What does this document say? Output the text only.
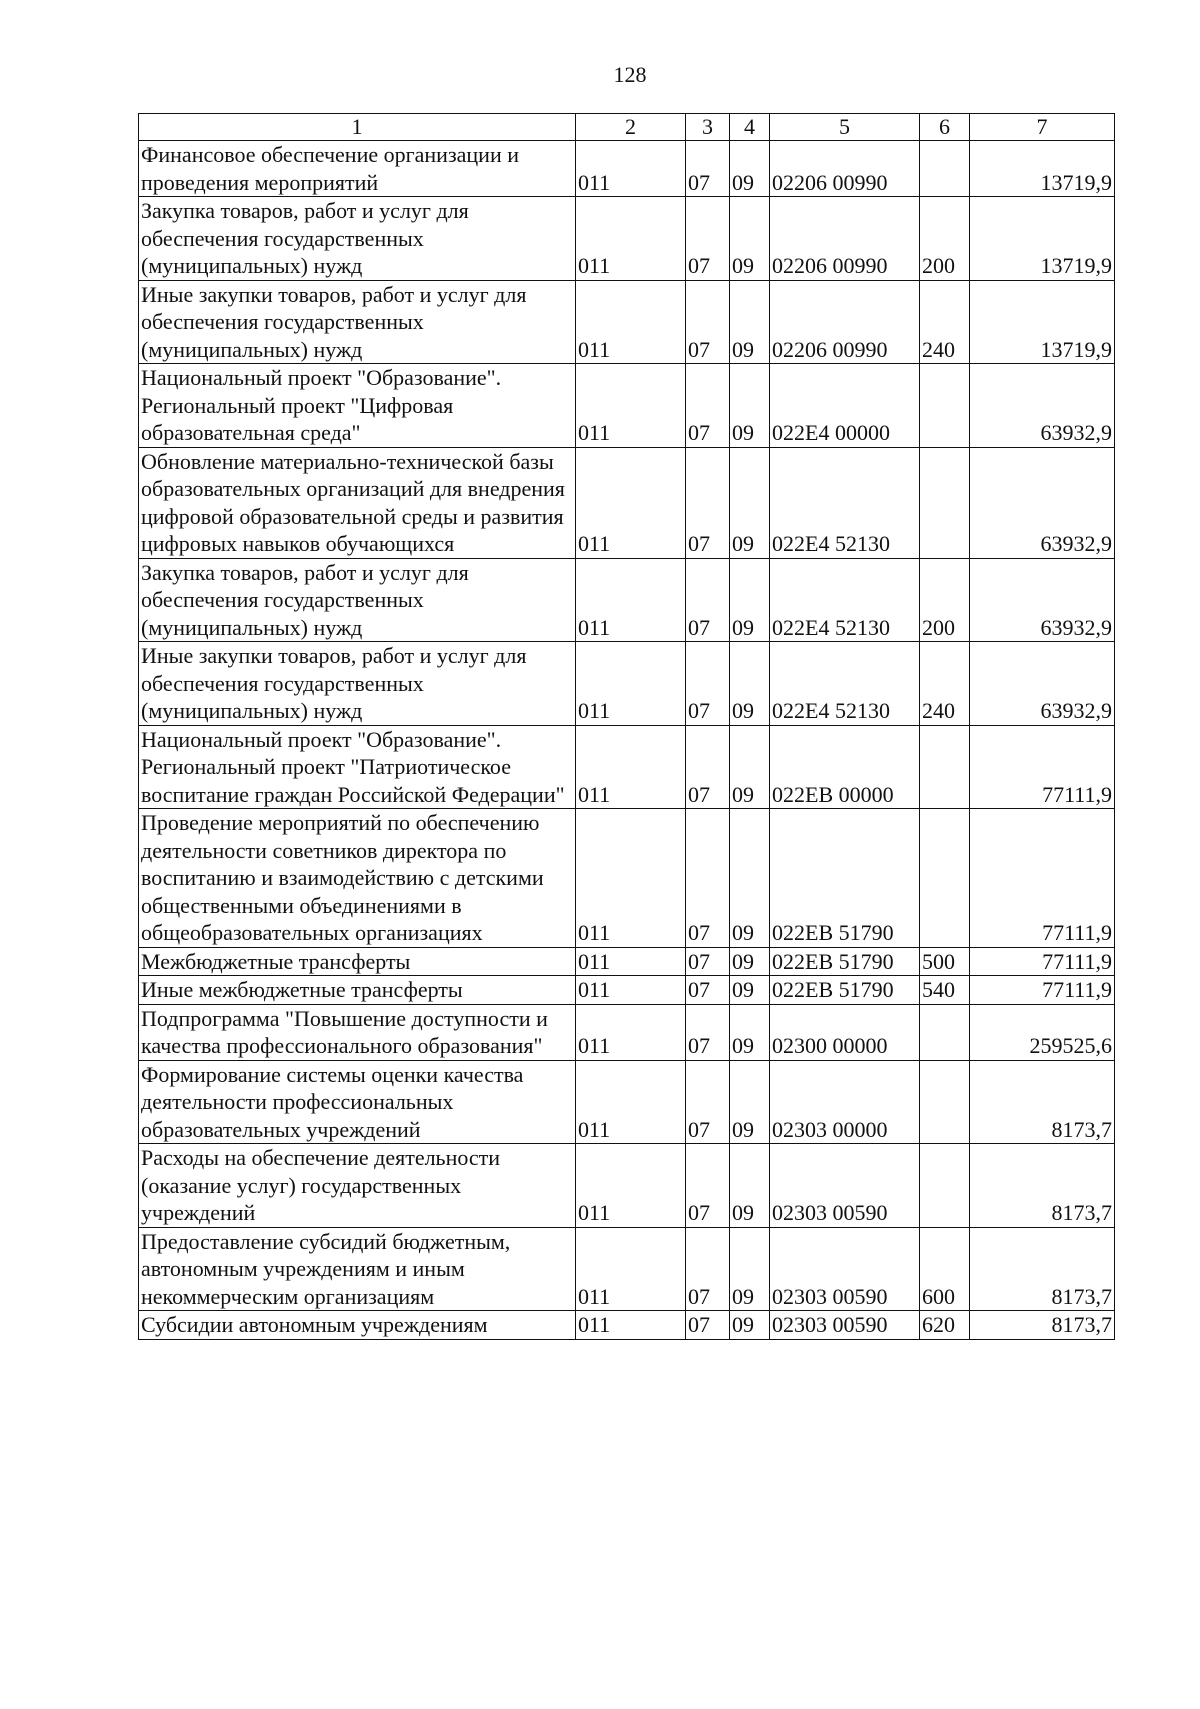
128
1	2	3	4	5	6	7
Финансовое обеспечение организации и проведения мероприятий	011	07	09	02206 00990		13719,9
Закупка товаров, работ и услуг для обеспечения государственных (муниципальных) нужд	011	07	09	02206 00990	200	13719,9
Иные закупки товаров, работ и услуг для обеспечения государственных (муниципальных) нужд	011	07	09	02206 00990	240	13719,9
Национальный проект "Образование". Региональный проект "Цифровая образовательная среда"	011	07	09	022E4 00000		63932,9
Обновление материально-технической базы образовательных организаций для внедрения цифровой образовательной среды и развития цифровых навыков обучающихся	011	07	09	022E4 52130		63932,9
Закупка товаров, работ и услуг для обеспечения государственных (муниципальных) нужд	011	07	09	022E4 52130	200	63932,9
Иные закупки товаров, работ и услуг для обеспечения государственных (муниципальных) нужд	011	07	09	022E4 52130	240	63932,9
Национальный проект "Образование". Региональный проект "Патриотическое воспитание граждан Российской Федерации"	011	07	09	022EB 00000		77111,9
Проведение мероприятий по обеспечению деятельности советников директора по воспитанию и взаимодействию с детскими общественными объединениями в общеобразовательных организациях	011	07	09	022EB 51790		77111,9
Межбюджетные трансферты	011	07	09	022EB 51790	500	77111,9
Иные межбюджетные трансферты	011	07	09	022EB 51790	540	77111,9
Подпрограмма "Повышение доступности и качества профессионального образования"	011	07	09	02300 00000		259525,6
Формирование системы оценки качества деятельности профессиональных образовательных учреждений	011	07	09	02303 00000		8173,7
Расходы на обеспечение деятельности (оказание услуг) государственных учреждений	011	07	09	02303 00590		8173,7
Предоставление субсидий бюджетным, автономным учреждениям и иным некоммерческим организациям	011	07	09	02303 00590	600	8173,7
Субсидии автономным учреждениям	011	07	09	02303 00590	620	8173,7
